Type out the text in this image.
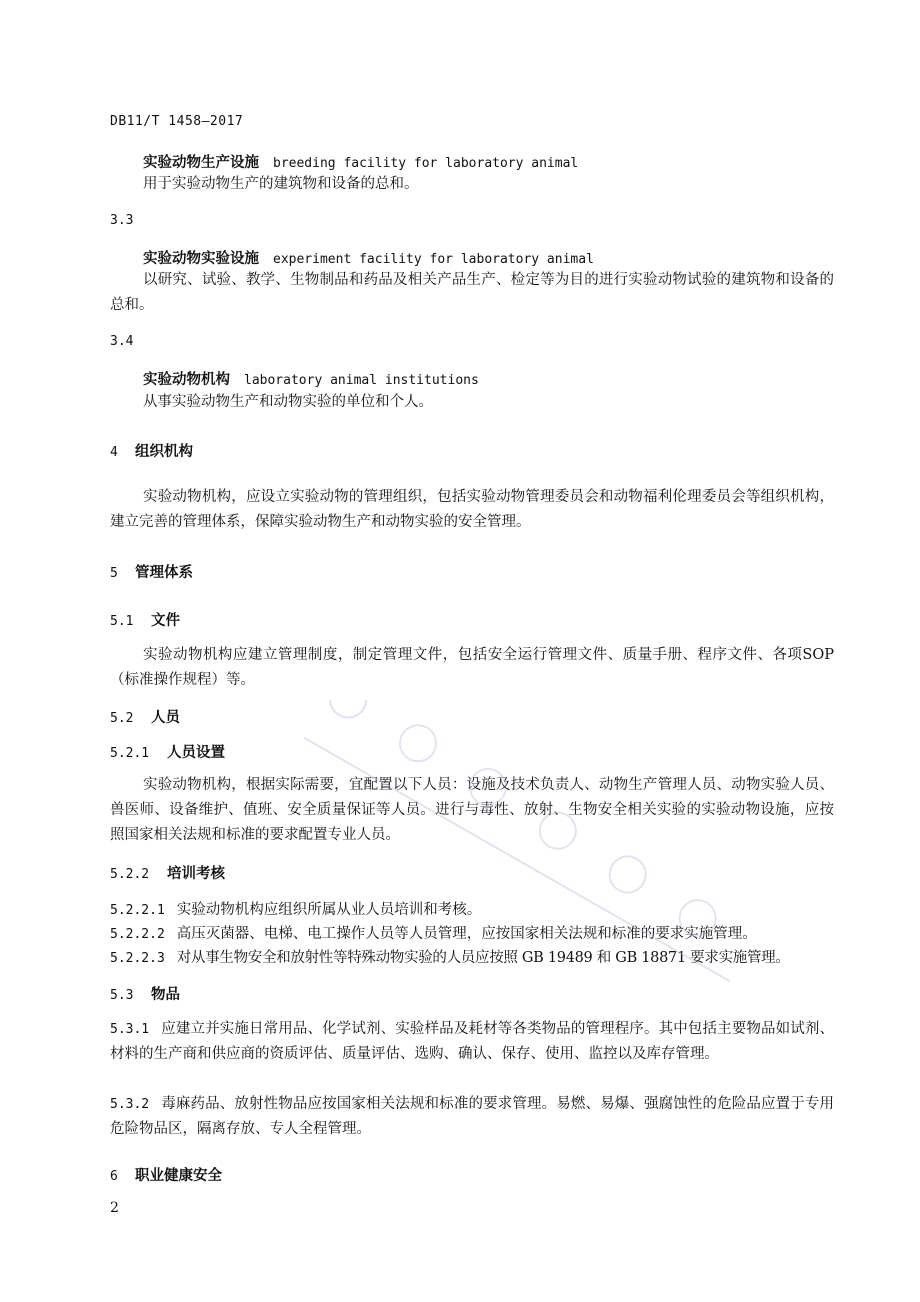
DB11/T 1458—2017
实验动物生产设施 breeding facility for laboratory animal
用于实验动物生产的建筑物和设备的总和。
3.3
实验动物实验设施 experiment facility for laboratory animal
以研究、试验、教学、生物制品和药品及相关产品生产、检定等为目的进行实验动物试验的建筑物和设备的总和。
3.4
实验动物机构 laboratory animal institutions
从事实验动物生产和动物实验的单位和个人。
4 组织机构
实验动物机构，应设立实验动物的管理组织，包括实验动物管理委员会和动物福利伦理委员会等组织机构，建立完善的管理体系，保障实验动物生产和动物实验的安全管理。
5 管理体系
5.1 文件
实验动物机构应建立管理制度，制定管理文件，包括安全运行管理文件、质量手册、程序文件、各项SOP（标准操作规程）等。
5.2 人员
5.2.1 人员设置
实验动物机构，根据实际需要，宜配置以下人员：设施及技术负责人、动物生产管理人员、动物实验人员、兽医师、设备维护、值班、安全质量保证等人员。进行与毒性、放射、生物安全相关实验的实验动物设施，应按照国家相关法规和标准的要求配置专业人员。
5.2.2 培训考核
5.2.2.1 实验动物机构应组织所属从业人员培训和考核。
5.2.2.2 高压灭菌器、电梯、电工操作人员等人员管理，应按国家相关法规和标准的要求实施管理。
5.2.2.3 对从事生物安全和放射性等特殊动物实验的人员应按照 GB 19489 和 GB 18871 要求实施管理。
5.3 物品
5.3.1 应建立并实施日常用品、化学试剂、实验样品及耗材等各类物品的管理程序。其中包括主要物品如试剂、材料的生产商和供应商的资质评估、质量评估、选购、确认、保存、使用、监控以及库存管理。
5.3.2 毒麻药品、放射性物品应按国家相关法规和标准的要求管理。易燃、易爆、强腐蚀性的危险品应置于专用危险物品区，隔离存放、专人全程管理。
6 职业健康安全
2
